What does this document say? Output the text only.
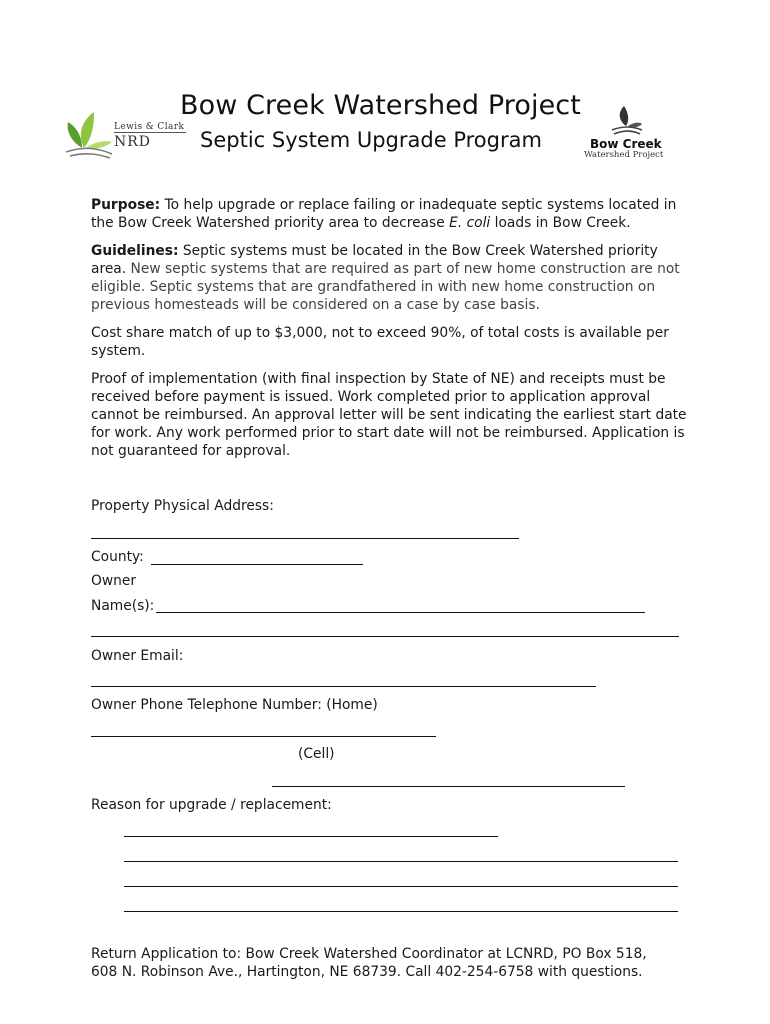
Lewis & Clark
NRD	Bow Creek
Watershed Project
Bow Creek Watershed Project
Septic System Upgrade Program
Purpose: To help upgrade or replace failing or inadequate septic systems located in the Bow Creek Watershed priority area to decrease E. coli loads in Bow Creek.
Guidelines: Septic systems must be located in the Bow Creek Watershed priority area. New septic systems that are required as part of new home construction are not eligible. Septic systems that are grandfathered in with new home construction on previous homesteads will be considered on a case by case basis.
Cost share match of up to $3,000, not to exceed 90%, of total costs is available per system.
Proof of implementation (with final inspection by State of NE) and receipts must be received before payment is issued. Work completed prior to application approval cannot be reimbursed. An approval letter will be sent indicating the earliest start date for work. Any work performed prior to start date will not be reimbursed. Application is not guaranteed for approval.
Property Physical Address:
County:
Owner
Name(s):
Owner Email:
Owner Phone Telephone Number: (Home)
(Cell)
Reason for upgrade / replacement:
Return Application to: Bow Creek Watershed Coordinator at LCNRD, PO Box 518,
608 N. Robinson Ave., Hartington, NE 68739. Call 402-254-6758 with questions.
